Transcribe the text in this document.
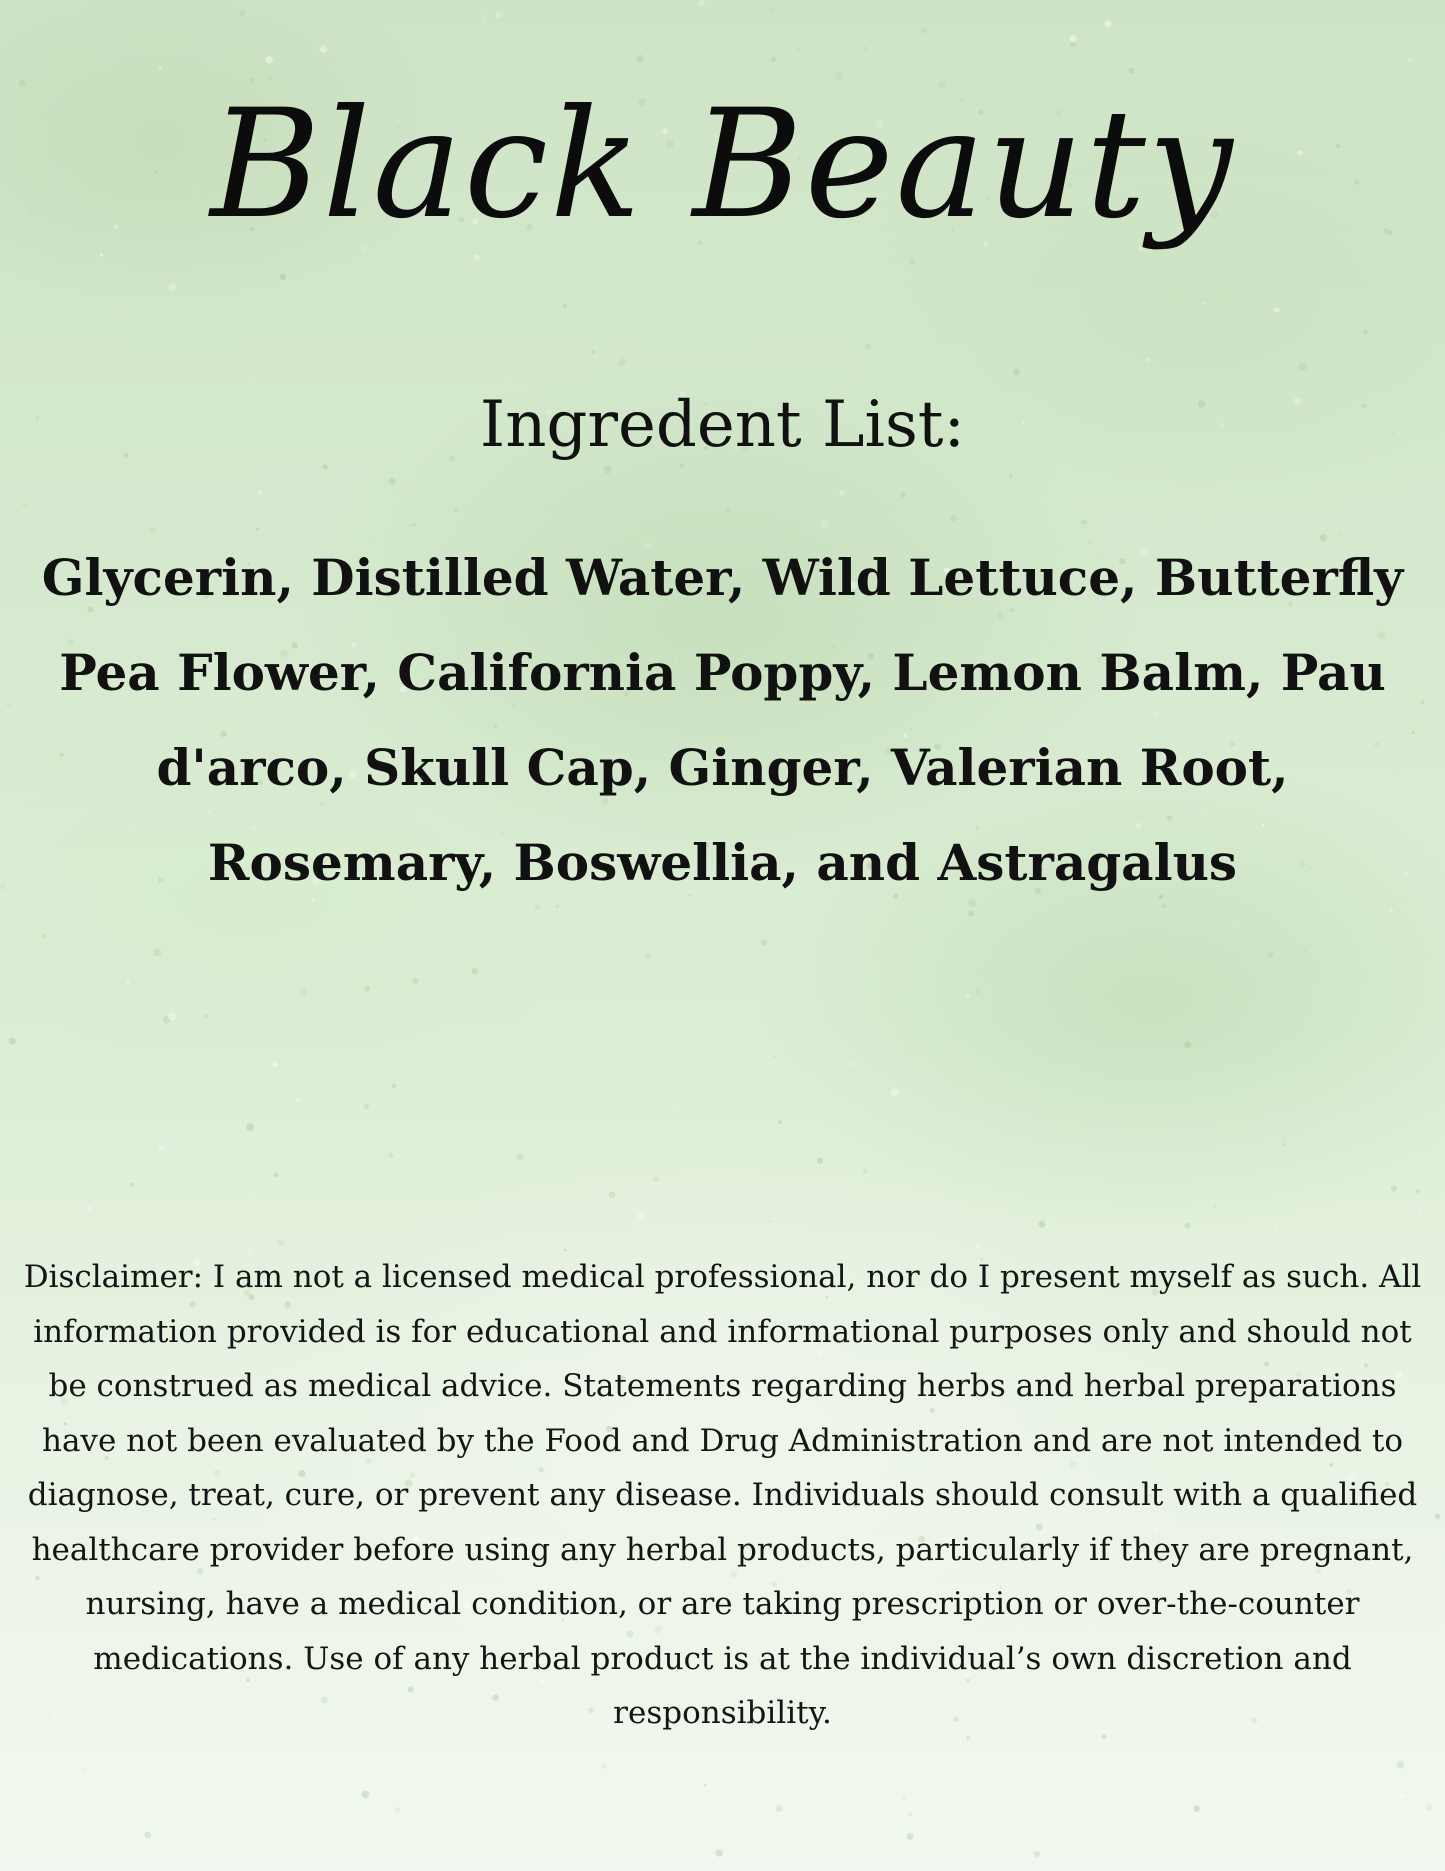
Black Beauty
Ingredent List:

Glycerin, Distilled Water, Wild Lettuce, Butterfly Pea Flower, California Poppy, Lemon Balm, Pau d'arco, Skull Cap, Ginger, Valerian Root, Rosemary, Boswellia, and Astragalus

Disclaimer: I am not a licensed medical professional, nor do I present myself as such. All information provided is for educational and informational purposes only and should not be construed as medical advice. Statements regarding herbs and herbal preparations have not been evaluated by the Food and Drug Administration and are not intended to diagnose, treat, cure, or prevent any disease. Individuals should consult with a qualified healthcare provider before using any herbal products, particularly if they are pregnant, nursing, have a medical condition, or are taking prescription or over-the-counter medications. Use of any herbal product is at the individual’s own discretion and responsibility.
